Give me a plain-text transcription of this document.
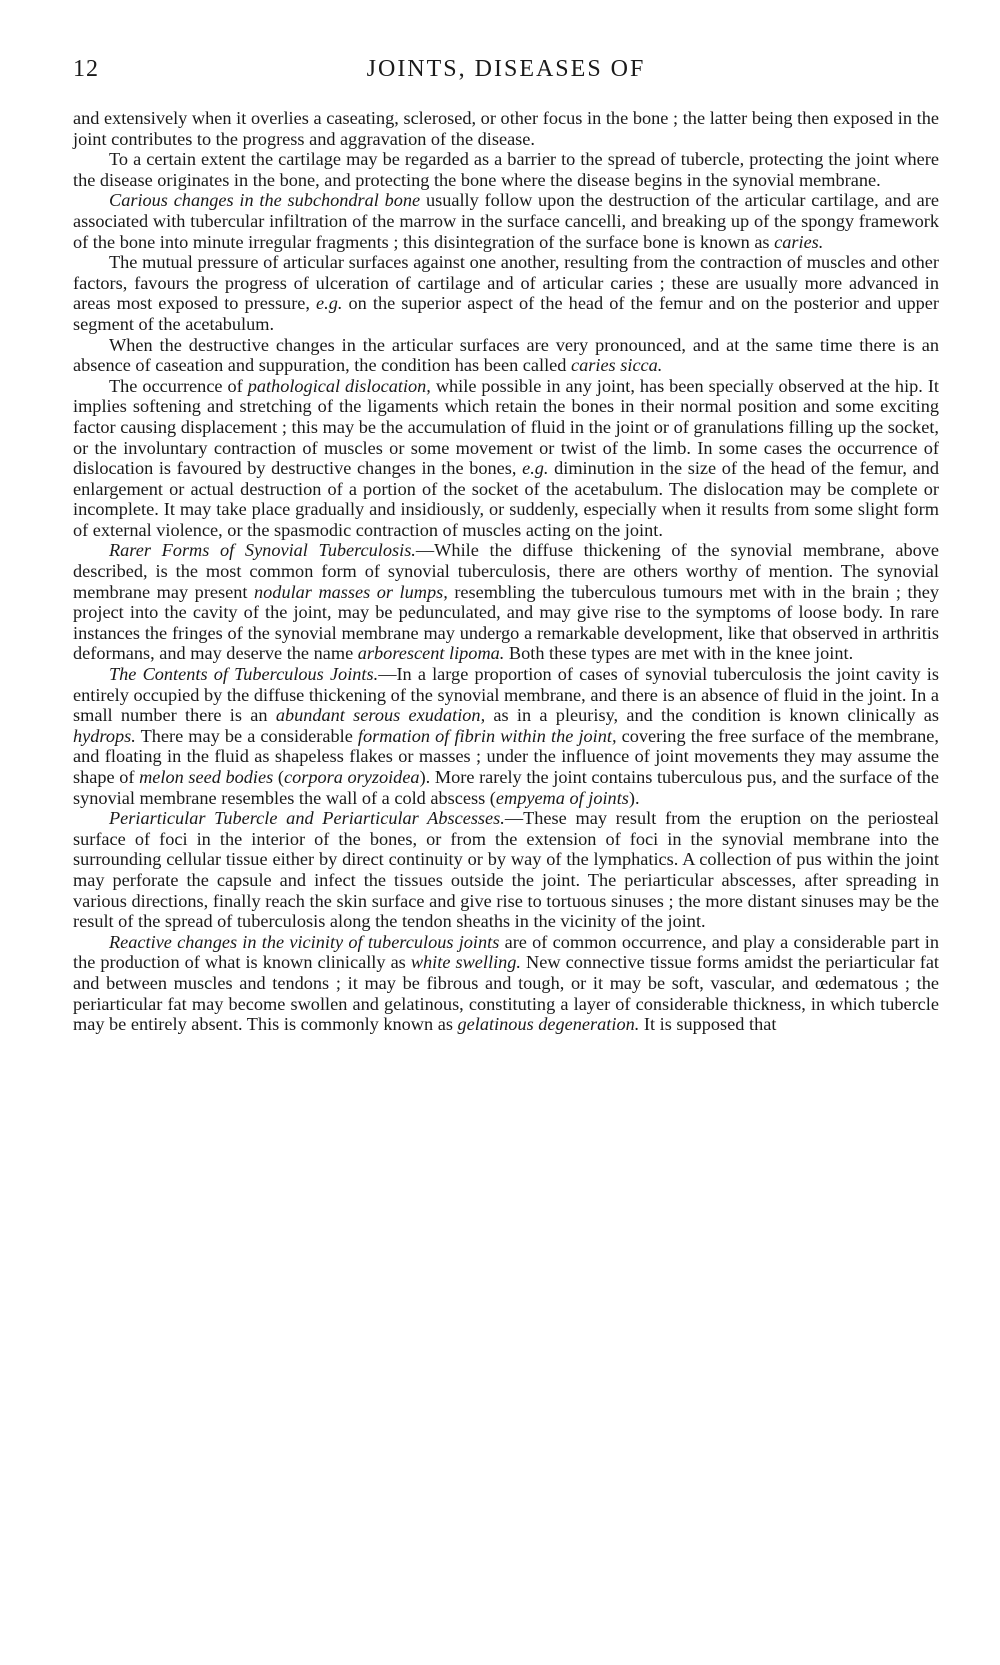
12	JOINTS, DISEASES OF

and extensively when it overlies a caseating, sclerosed, or other focus in the bone ; the latter being then exposed in the joint contributes to the progress and aggravation of the disease.

To a certain extent the cartilage may be regarded as a barrier to the spread of tubercle, protecting the joint where the disease originates in the bone, and protecting the bone where the disease begins in the synovial membrane.

Carious changes in the subchondral bone usually follow upon the destruction of the articular cartilage, and are associated with tubercular infiltration of the marrow in the surface cancelli, and breaking up of the spongy framework of the bone into minute irregular fragments ; this disintegration of the surface bone is known as caries.

The mutual pressure of articular surfaces against one another, resulting from the contraction of muscles and other factors, favours the progress of ulceration of cartilage and of articular caries ; these are usually more advanced in areas most exposed to pressure, e.g. on the superior aspect of the head of the femur and on the posterior and upper segment of the acetabulum.

When the destructive changes in the articular surfaces are very pronounced, and at the same time there is an absence of caseation and suppuration, the condition has been called caries sicca.

The occurrence of pathological dislocation, while possible in any joint, has been specially observed at the hip. It implies softening and stretching of the ligaments which retain the bones in their normal position and some exciting factor causing displacement ; this may be the accumulation of fluid in the joint or of granulations filling up the socket, or the involuntary contraction of muscles or some movement or twist of the limb. In some cases the occurrence of dislocation is favoured by destructive changes in the bones, e.g. diminution in the size of the head of the femur, and enlargement or actual destruction of a portion of the socket of the acetabulum. The dislocation may be complete or incomplete. It may take place gradually and insidiously, or suddenly, especially when it results from some slight form of external violence, or the spasmodic contraction of muscles acting on the joint.

Rarer Forms of Synovial Tuberculosis.—While the diffuse thickening of the synovial membrane, above described, is the most common form of synovial tuberculosis, there are others worthy of mention. The synovial membrane may present nodular masses or lumps, resembling the tuberculous tumours met with in the brain ; they project into the cavity of the joint, may be pedunculated, and may give rise to the symptoms of loose body. In rare instances the fringes of the synovial membrane may undergo a remarkable development, like that observed in arthritis deformans, and may deserve the name arborescent lipoma. Both these types are met with in the knee joint.

The Contents of Tuberculous Joints.—In a large proportion of cases of synovial tuberculosis the joint cavity is entirely occupied by the diffuse thickening of the synovial membrane, and there is an absence of fluid in the joint. In a small number there is an abundant serous exudation, as in a pleurisy, and the condition is known clinically as hydrops. There may be a considerable formation of fibrin within the joint, covering the free surface of the membrane, and floating in the fluid as shapeless flakes or masses ; under the influence of joint movements they may assume the shape of melon seed bodies (corpora oryzoidea). More rarely the joint contains tuberculous pus, and the surface of the synovial membrane resembles the wall of a cold abscess (empyema of joints).

Periarticular Tubercle and Periarticular Abscesses.—These may result from the eruption on the periosteal surface of foci in the interior of the bones, or from the extension of foci in the synovial membrane into the surrounding cellular tissue either by direct continuity or by way of the lymphatics. A collection of pus within the joint may perforate the capsule and infect the tissues outside the joint. The periarticular abscesses, after spreading in various directions, finally reach the skin surface and give rise to tortuous sinuses ; the more distant sinuses may be the result of the spread of tuberculosis along the tendon sheaths in the vicinity of the joint.

Reactive changes in the vicinity of tuberculous joints are of common occurrence, and play a considerable part in the production of what is known clinically as white swelling. New connective tissue forms amidst the periarticular fat and between muscles and tendons ; it may be fibrous and tough, or it may be soft, vascular, and œdematous ; the periarticular fat may become swollen and gelatinous, constituting a layer of considerable thickness, in which tubercle may be entirely absent. This is commonly known as gelatinous degeneration. It is supposed that
